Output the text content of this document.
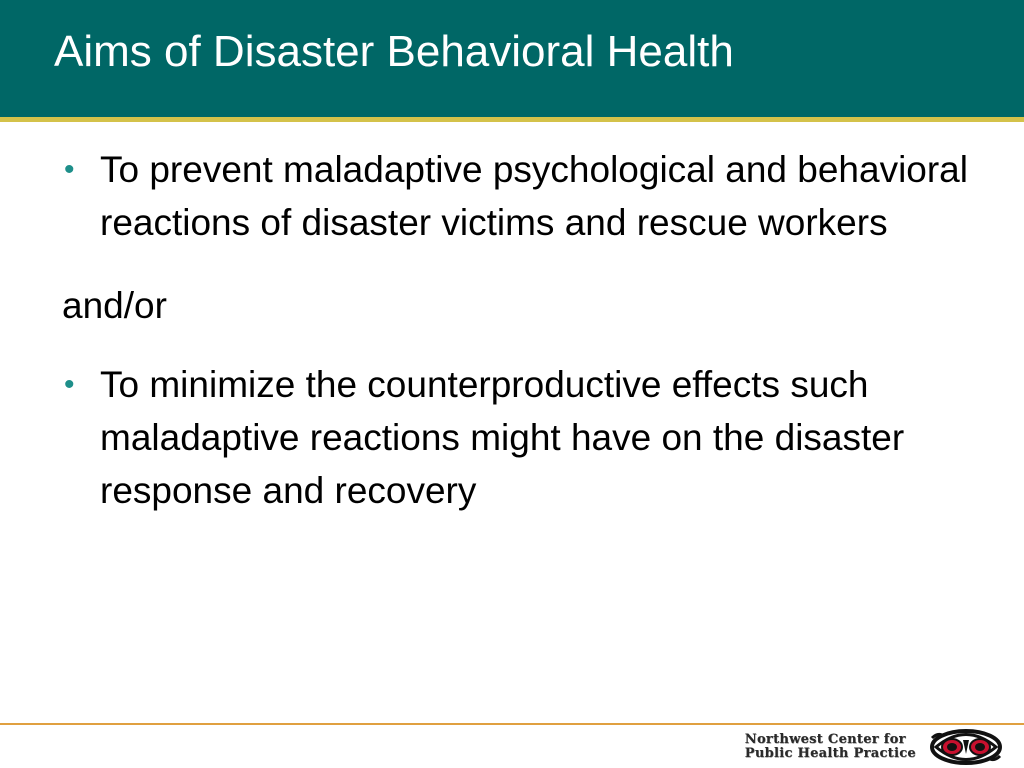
Aims of Disaster Behavioral Health
• To prevent maladaptive psychological and behavioral reactions of disaster victims and rescue workers
and/or
• To minimize the counterproductive effects such maladaptive reactions might have on the disaster response and recovery
Northwest Center for
Public Health Practice
